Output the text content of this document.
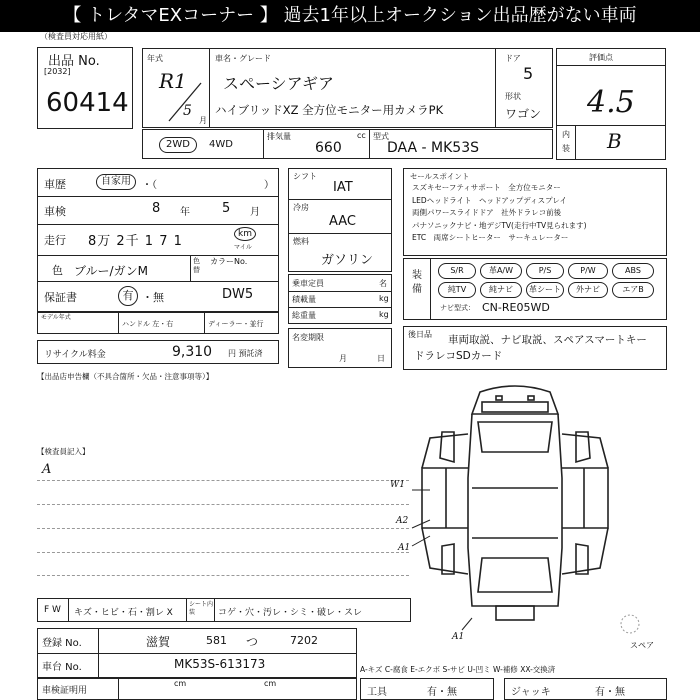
【 トレタマEXコーナー 】 過去1年以上オークション出品歴がない車両
（検査員対応用紙）
出品 No.
[2032]
60414
年式
R1
5
月
車名・グレード
スペーシアギア
ハイブリッドXZ 全方位モニター用カメラPK
ドア
5
形状
ワゴン
評価点
4.5
内
装 B
2WD	4WD
排気量
660
cc 型式
DAA - MK53S
車歴	自家用	・（	）
車検	8 年 5 月
走行 8万 2千 1 7 1	km
マイル
色 ブルー/ガンM
色替
カラーNo.
保証書	有 ・無	DW5
モデル年式
ハンドル 左・右	ディーラー・並行
リサイクル料金	9,310 円 預託済
シフト
IAT
冷房
AAC
燃料
ガソリン
乗車定員	名
積載量	kg
総重量	kg
名変期限
月	日
セールスポイント
スズキセーフティサポート　全方位モニター
LEDヘッドライト　ヘッドアップディスプレイ
両側パワースライドドア　社外ドラレコ前後
パナソニックナビ・地デジTV(走行中TV見られます)
ETC　両席シートヒーター　サーキュレーター
装備
S/R	革A/W	P/S	P/W	ABS
純TV	純ナビ	革シート	外ナビ	エアB
ナビ型式： CN-RE05WD
後日品 車両取説、ナビ取説、スペアスマートキー
ドラレコSDカード
【出品店申告欄（不具合箇所・欠品・注意事項等）】
【検査員記入】
A
W1
A2
A1
A1
スペア
F W キズ・ヒビ・石・割レ X
シート内装	コゲ・穴・汚レ・シミ・破レ・スレ
登録 No.	滋賀	581 つ	7202
車台 No.	MK53S-613173
車検証明用
cm	cm
A-キズ C-腐食 E-エクボ S-サビ U-凹ミ W-補修 XX-交換済
工具	有・無	ジャッキ	有・無
